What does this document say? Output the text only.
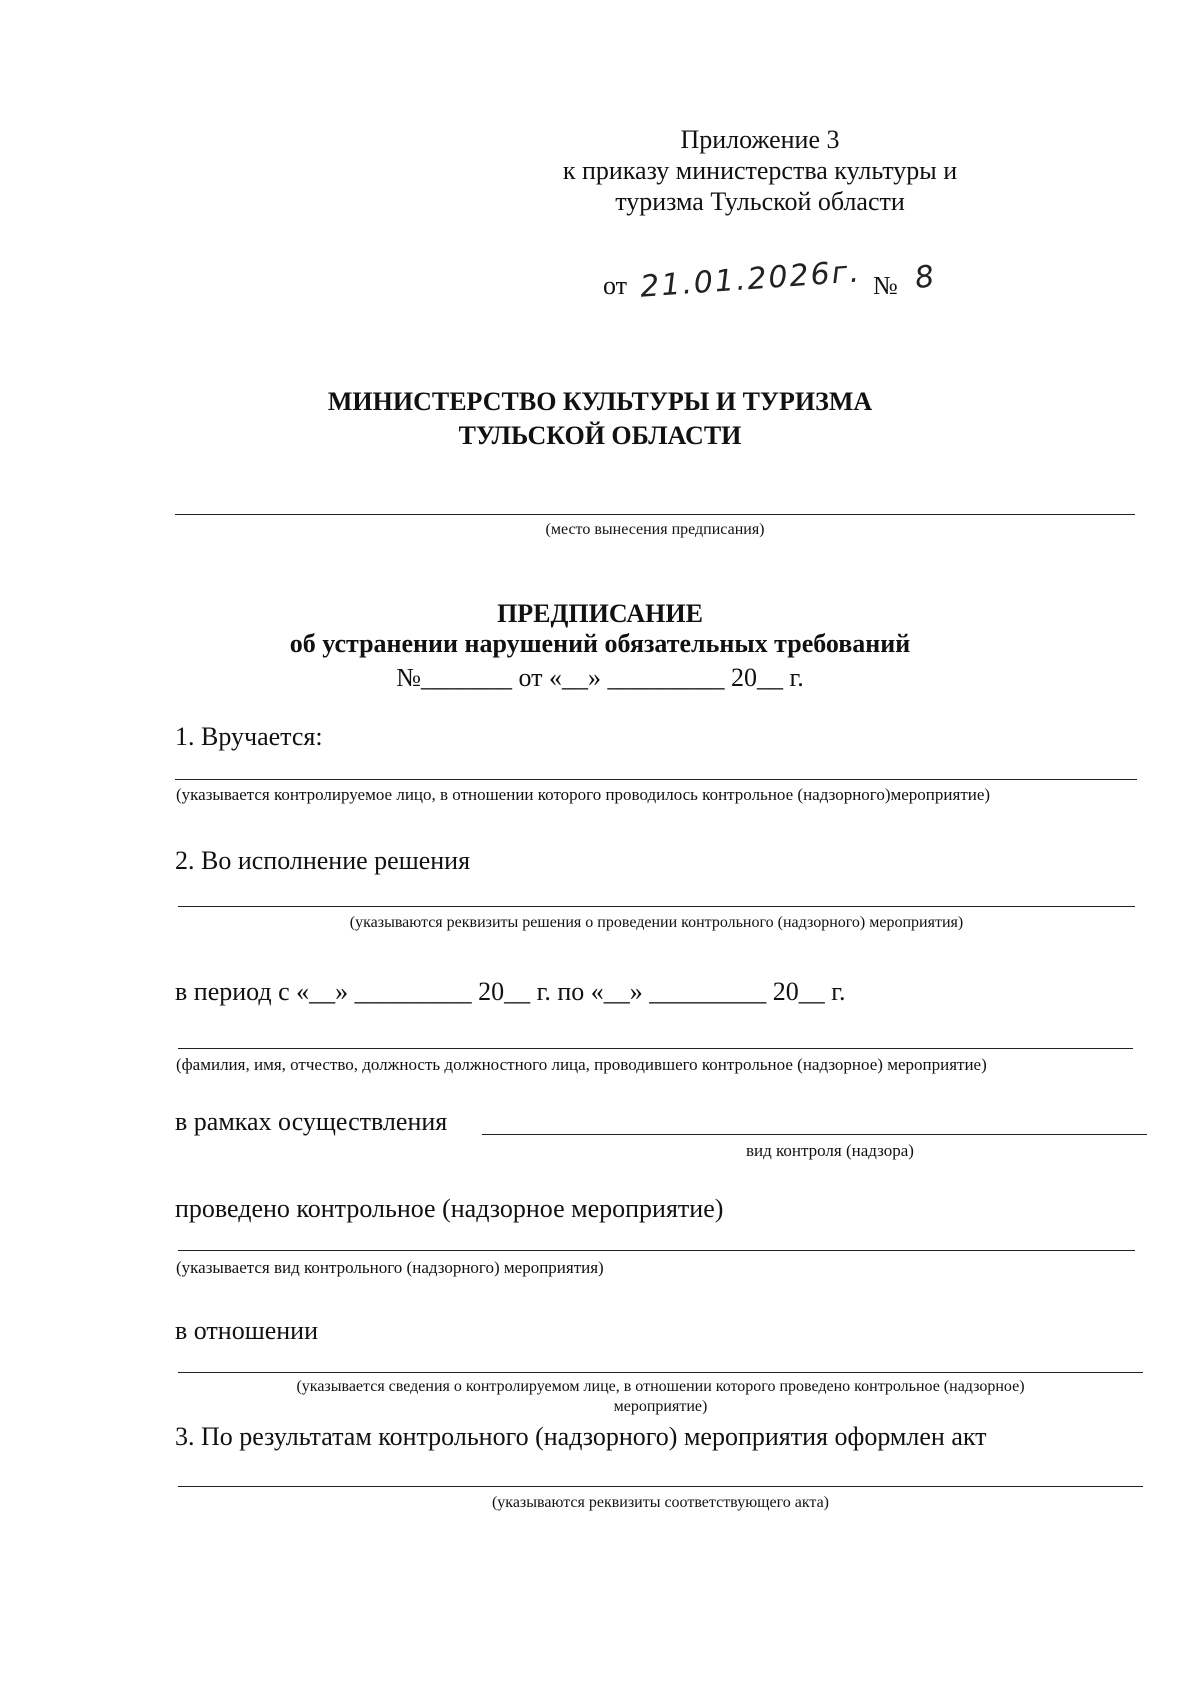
Приложение 3
к приказу министерства культуры и
туризма Тульской области
от 21.01.2026г. № 8
МИНИСТЕРСТВО КУЛЬТУРЫ И ТУРИЗМА
ТУЛЬСКОЙ ОБЛАСТИ
(место вынесения предписания)
ПРЕДПИСАНИЕ
об устранении нарушений обязательных требований
№_______ от «__» _________ 20__ г.
1. Вручается:
(указывается контролируемое лицо, в отношении которого проводилось контрольное (надзорного)мероприятие)
2. Во исполнение решения
(указываются реквизиты решения о проведении контрольного (надзорного) мероприятия)
в период с «__» _________ 20__ г. по «__» _________ 20__ г.
(фамилия, имя, отчество, должность должностного лица, проводившего контрольное (надзорное) мероприятие)
в рамках осуществления
вид контроля (надзора)
проведено контрольное (надзорное мероприятие)
(указывается вид контрольного (надзорного) мероприятия)
в отношении
(указывается сведения о контролируемом лице, в отношении которого проведено контрольное (надзорное)
мероприятие)
3. По результатам контрольного (надзорного) мероприятия оформлен акт
(указываются реквизиты соответствующего акта)
